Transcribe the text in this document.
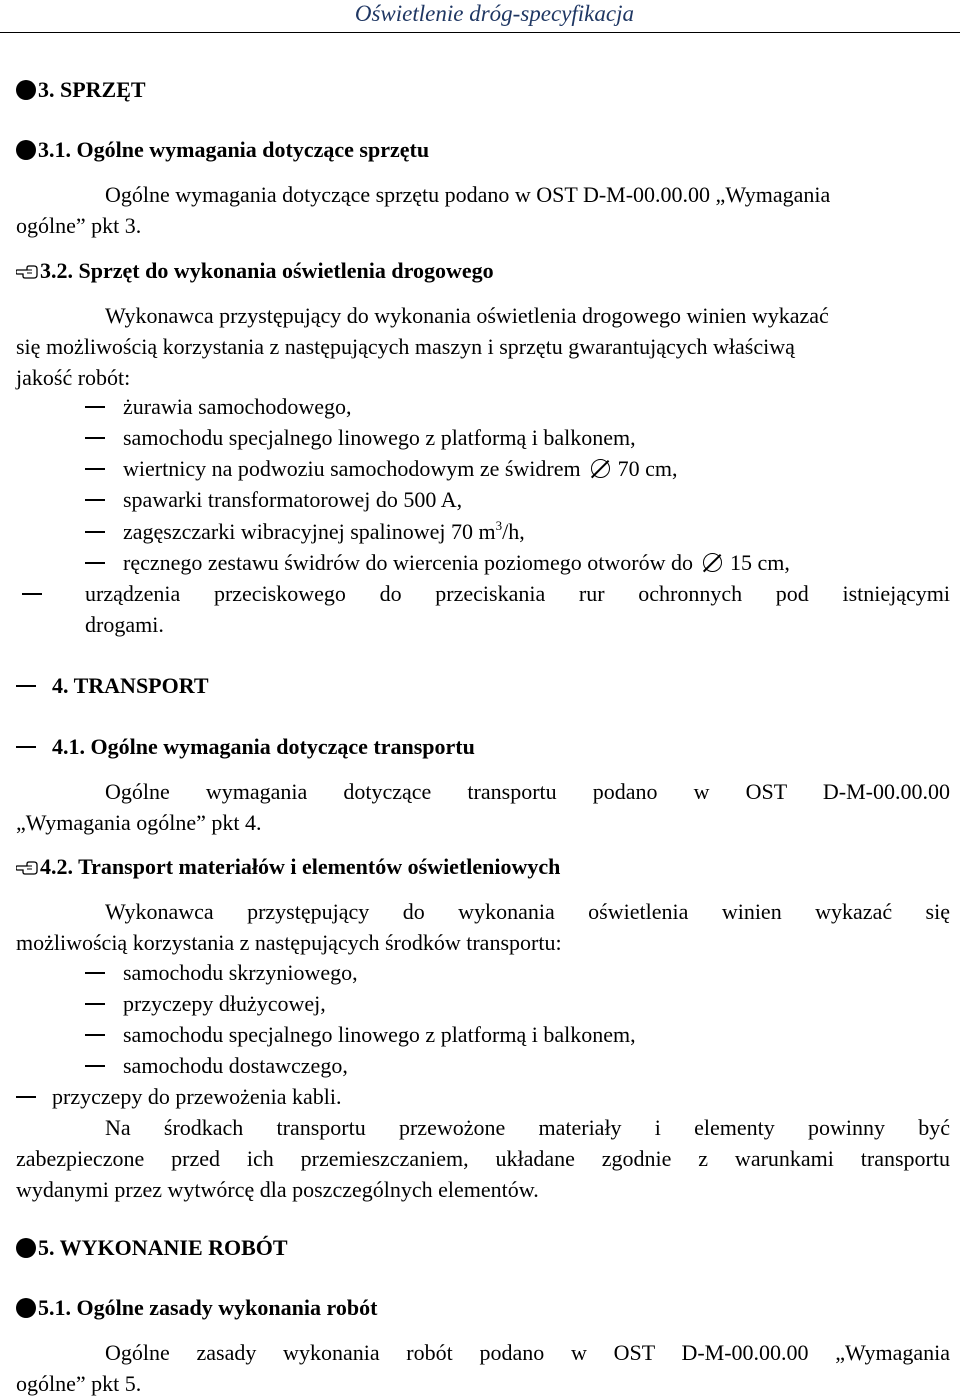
Oświetlenie dróg-specyfikacja
3. SPRZĘT
3.1. Ogólne wymagania dotyczące sprzętu
Ogólne wymagania dotyczące sprzętu podano w OST D-M-00.00.00 „Wymagania
ogólne” pkt 3.
3.2. Sprzęt do wykonania oświetlenia drogowego
Wykonawca przystępujący do wykonania oświetlenia drogowego winien wykazać
się możliwością korzystania z następujących maszyn i sprzętu gwarantujących właściwą
jakość robót:
żurawia samochodowego,
samochodu specjalnego linowego z platformą i balkonem,
wiertnicy na podwoziu samochodowym ze świdrem 70 cm,
spawarki transformatorowej do 500 A,
zagęszczarki wibracyjnej spalinowej 70 $m^3/h$,
ręcznego zestawu świdrów do wiercenia poziomego otworów do 15 cm,
urządzenia przeciskowego do przeciskania rur ochronnych pod istniejącymi
drogami.
4. TRANSPORT
4.1. Ogólne wymagania dotyczące transportu
Ogólne wymagania dotyczące transportu podano w OST D-M-00.00.00
„Wymagania ogólne” pkt 4.
4.2. Transport materiałów i elementów oświetleniowych
Wykonawca przystępujący do wykonania oświetlenia winien wykazać się
możliwością korzystania z następujących środków transportu:
samochodu skrzyniowego,
przyczepy dłużycowej,
samochodu specjalnego linowego z platformą i balkonem,
samochodu dostawczego,
przyczepy do przewożenia kabli.
Na środkach transportu przewożone materiały i elementy powinny być
zabezpieczone przed ich przemieszczaniem, układane zgodnie z warunkami transportu
wydanymi przez wytwórcę dla poszczególnych elementów.
5. WYKONANIE ROBÓT
5.1. Ogólne zasady wykonania robót
Ogólne zasady wykonania robót podano w OST D-M-00.00.00 „Wymagania
ogólne” pkt 5.
